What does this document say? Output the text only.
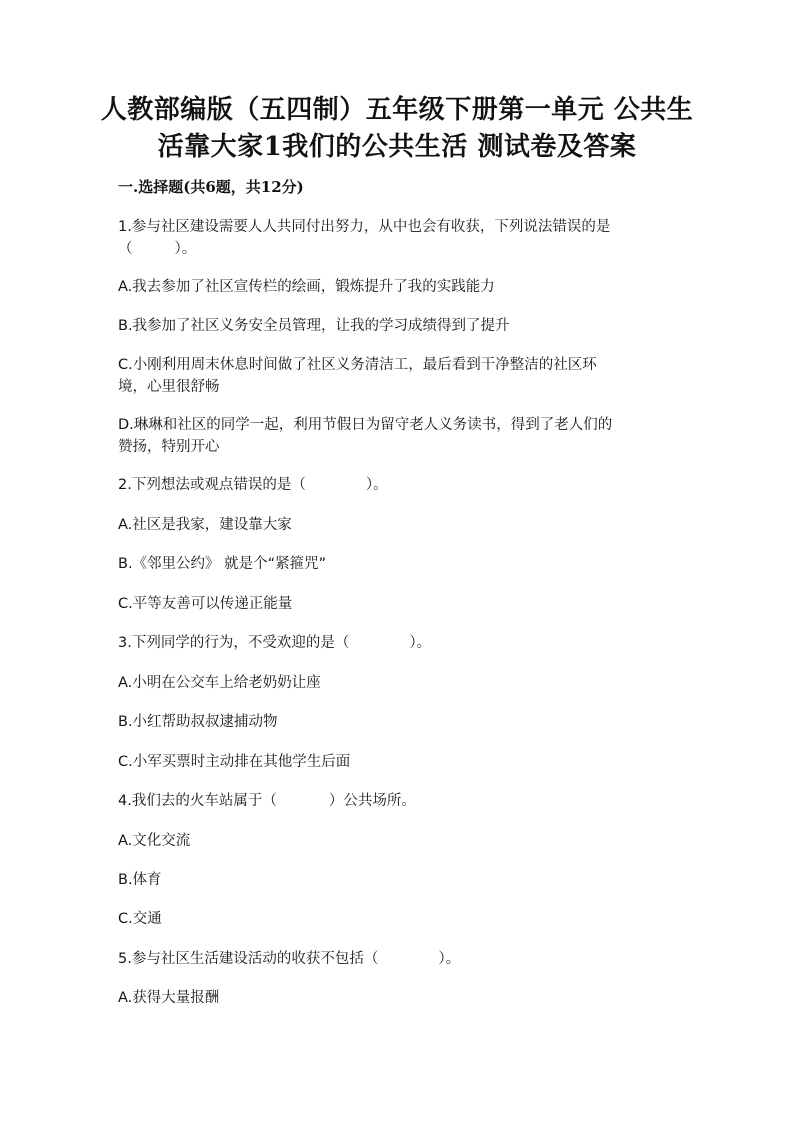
人教部编版（五四制）五年级下册第一单元 公共生
活靠大家1我们的公共生活 测试卷及答案
一.选择题(共6题，共12分)
1.参与社区建设需要人人共同付出努力，从中也会有收获，下列说法错误的是
（	）。
A.我去参加了社区宣传栏的绘画，锻炼提升了我的实践能力
B.我参加了社区义务安全员管理，让我的学习成绩得到了提升
C.小刚利用周末休息时间做了社区义务清洁工，最后看到干净整洁的社区环
境，心里很舒畅
D.琳琳和社区的同学一起，利用节假日为留守老人义务读书，得到了老人们的
赞扬，特别开心
2.下列想法或观点错误的是（	）。
A.社区是我家，建设靠大家
B.《邻里公约》 就是个“紧箍咒”
C.平等友善可以传递正能量
3.下列同学的行为，不受欢迎的是（	）。
A.小明在公交车上给老奶奶让座
B.小红帮助叔叔逮捕动物
C.小军买票时主动排在其他学生后面
4.我们去的火车站属于（	）公共场所。
A.文化交流
B.体育
C.交通
5.参与社区生活建设活动的收获不包括（	）。
A.获得大量报酬
